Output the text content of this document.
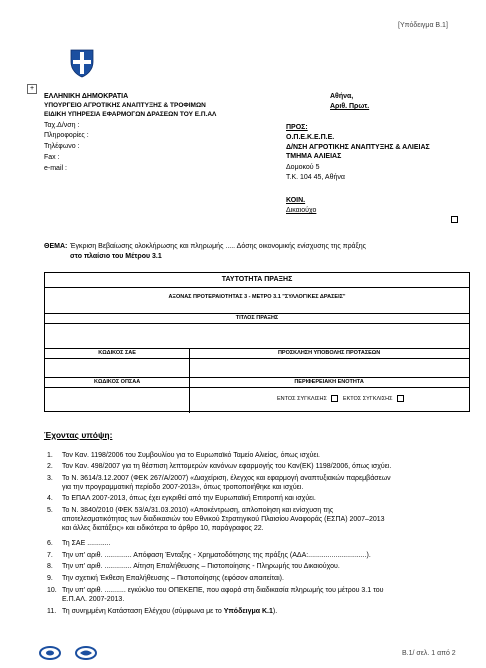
[Υπόδειγμα Β.1]
+
ΕΛΛΗΝΙΚΗ ΔΗΜΟΚΡΑΤΙΑ
ΥΠΟΥΡΓΕΙΟ ΑΓΡΟΤΙΚΗΣ ΑΝΑΠΤΥΞΗΣ & ΤΡΟΦΙΜΩΝ
ΕΙΔΙΚΗ ΥΠΗΡΕΣΙΑ ΕΦΑΡΜΟΓΩΝ ΔΡΑΣΕΩΝ ΤΟΥ Ε.Π.ΑΛ
Ταχ.Δ/νση :
Πληροφορίες :
Τηλέφωνο :
Fax :
e-mail :
Αθήνα,
Αριθ. Πρωτ.
ΠΡΟΣ:
Ο.Π.Ε.Κ.Ε.Π.Ε.
Δ/ΝΣΗ ΑΓΡΟΤΙΚΗΣ ΑΝΑΠΤΥΞΗΣ & ΑΛΙΕΙΑΣ
ΤΜΗΜΑ ΑΛΙΕΙΑΣ
Δομοκού 5
Τ.Κ. 104 45, Αθήνα
ΚΟΙΝ.
Δικαιούχο
ΘΕΜΑ: Έγκριση Βεβαίωσης ολοκλήρωσης και πληρωμής ..... Δόσης οικονομικής ενίσχυσης της πράξης
στο πλαίσιο του Μέτρου 3.1
ΤΑΥΤΟΤΗΤΑ ΠΡΑΞΗΣ
ΑΞΟΝΑΣ ΠΡΟΤΕΡΑΙΟΤΗΤΑΣ 3 - ΜΕΤΡΟ 3.1 "ΣΥΛΛΟΓΙΚΕΣ ΔΡΑΣΕΙΣ"
ΤΙΤΛΟΣ ΠΡΑΞΗΣ
ΚΩΔΙΚΟΣ ΣΑΕ	ΠΡΟΣΚΛΗΣΗ ΥΠΟΒΟΛΗΣ ΠΡΟΤΑΣΕΩΝ
ΚΩΔΙΚΟΣ ΟΠΣΑΑ	ΠΕΡΙΦΕΡΕΙΑΚΗ ΕΝΟΤΗΤΑ
ΕΝΤΟΣ ΣΥΓΚΛΙΣΗΣ	ΕΚΤΟΣ ΣΥΓΚΛΙΣΗΣ
Έχοντας υπόψη:
1. Τον Καν. 1198/2006 του Συμβουλίου για το Ευρωπαϊκό Ταμείο Αλιείας, όπως ισχύει.
2. Τον Καν. 498/2007 για τη θέσπιση λεπτομερών κανόνων εφαρμογής του Καν(ΕΚ) 1198/2006, όπως ισχύει.
3. Το Ν. 3614/3.12.2007 (ΦΕΚ 267/Α/2007) «Διαχείριση, έλεγχος και εφαρμογή αναπτυξιακών παρεμβάσεων
για την προγραμματική περίοδο 2007-2013», όπως τροποποιήθηκε και ισχύει.
4. Το ΕΠΑΛ 2007-2013, όπως έχει εγκριθεί από την Ευρωπαϊκή Επιτροπή και ισχύει.
5. Το Ν. 3840/2010 (ΦΕΚ 53/Α/31.03.2010) «Αποκέντρωση, απλοποίηση και ενίσχυση της
αποτελεσματικότητας των διαδικασιών του Εθνικού Στρατηγικού Πλαισίου Αναφοράς (ΕΣΠΑ) 2007–2013
και άλλες διατάξεις» και ειδικότερα το άρθρο 10, παράγραφος 22.
6. Τη ΣΑΕ ............
7. Την υπ' αριθ. .............. Απόφαση Ένταξης - Χρηματοδότησης της πράξης (ΑΔΑ:..............................).
8. Την υπ' αριθ. .............. Αίτηση Επαλήθευσης – Πιστοποίησης - Πληρωμής του Δικαιούχου.
9. Την σχετική Έκθεση Επαλήθευσης – Πιστοποίησης (εφόσον απαιτείται).
10. Την υπ' αριθ. ........... εγκύκλιο του ΟΠΕΚΕΠΕ, που αφορά στη διαδικασία πληρωμής του μέτρου 3.1 του
Ε.Π.ΑΛ. 2007-2013.
11. Τη συνημμένη Κατάσταση Ελέγχου (σύμφωνα με το Υπόδειγμα Κ.1).
Β.1/ σελ. 1 από 2
